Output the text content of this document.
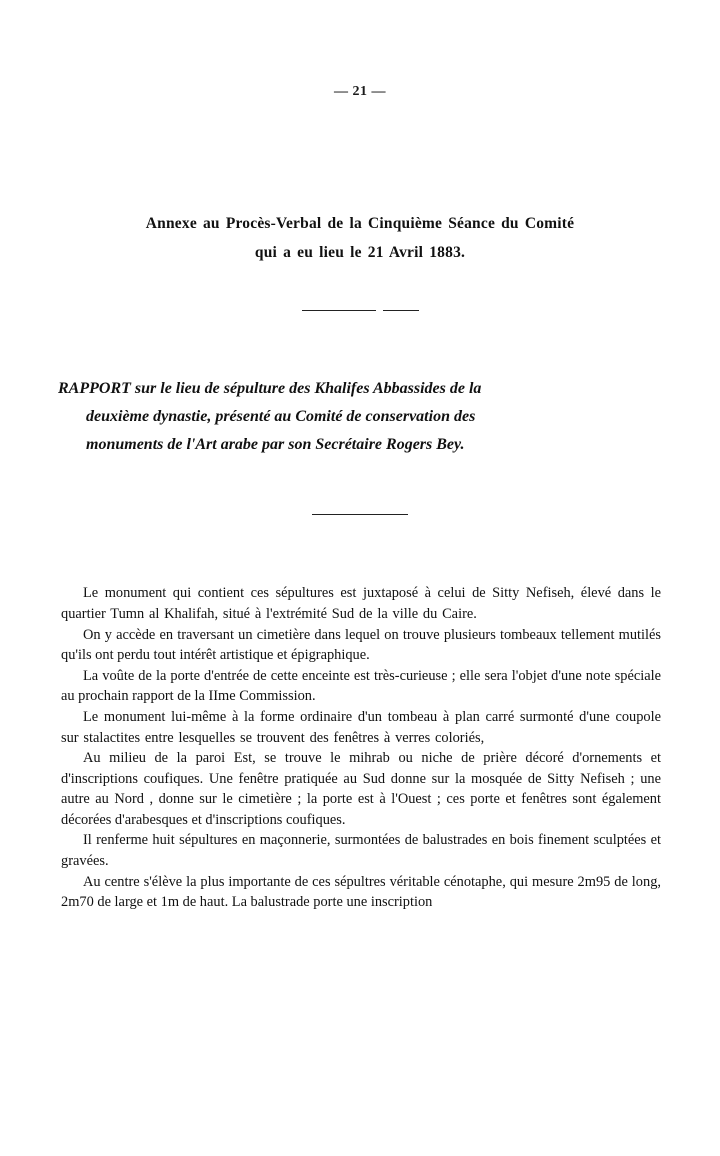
— 21 —
Annexe au Procès-Verbal de la Cinquième Séance du Comité
qui a eu lieu le 21 Avril 1883.
RAPPORT sur le lieu de sépulture des Khalifes Abbassides de la
deuxième dynastie, présenté au Comité de conservation des
monuments de l'Art arabe par son Secrétaire Rogers Bey.

Le monument qui contient ces sépultures est juxtaposé à celui de Sitty Nefiseh, élevé dans le quartier Tumn al Khalifah, situé à l'extrémité Sud de la ville du Caire.

On y accède en traversant un cimetière dans lequel on trouve plusieurs tombeaux tellement mutilés qu'ils ont perdu tout intérêt artistique et épigraphique.

La voûte de la porte d'entrée de cette enceinte est très-curieuse ; elle sera l'objet d'une note spéciale au prochain rapport de la IIme Commission.

Le monument lui-même à la forme ordinaire d'un tombeau à plan carré surmonté d'une coupole sur stalactites entre lesquelles se trouvent des fenêtres à verres coloriés,

Au milieu de la paroi Est, se trouve le mihrab ou niche de prière décoré d'ornements et d'inscriptions coufiques. Une fenêtre pratiquée au Sud donne sur la mosquée de Sitty Nefiseh ; une autre au Nord , donne sur le cimetière ; la porte est à l'Ouest ; ces porte et fenêtres sont également décorées d'arabesques et d'inscriptions coufiques.

Il renferme huit sépultures en maçonnerie, surmontées de balustrades en bois finement sculptées et gravées.

Au centre s'élève la plus importante de ces sépultres véritable cénotaphe, qui mesure 2m95 de long, 2m70 de large et 1m de haut. La balustrade porte une inscription
